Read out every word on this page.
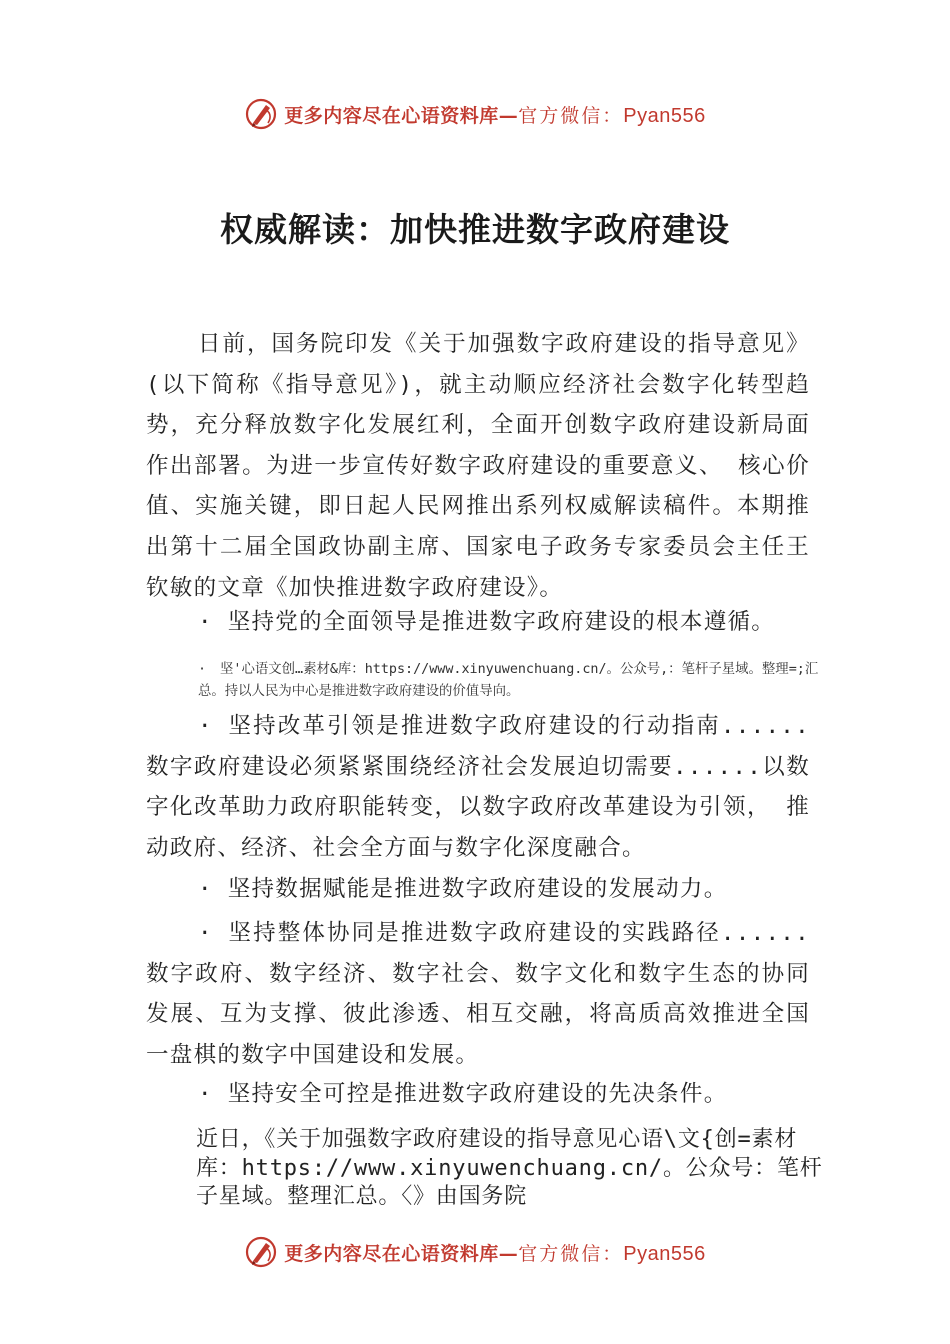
更多内容尽在心语资料库—官方微信：Pyan556
权威解读：加快推进数字政府建设

日前，国务院印发《关于加强数字政府建设的指导意见》(以下简称《指导意见》)，就主动顺应经济社会数字化转型趋势，充分释放数字化发展红利，全面开创数字政府建设新局面作出部署。为进一步宣传好数字政府建设的重要意义、 核心价值、实施关键，即日起人民网推出系列权威解读稿件。本期推出第十二届全国政协副主席、国家电子政务专家委员会主任王钦敏的文章《加快推进数字政府建设》。

· 坚持党的全面领导是推进数字政府建设的根本遵循。

· 坚'心语文创…素材&库：https://www.xinyuwenchuang.cn/。公众号,：笔杆子星域。整理=;汇总。持以人民为中心是推进数字政府建设的价值导向。

· 坚持改革引领是推进数字政府建设的行动指南......数字政府建设必须紧紧围绕经济社会发展迫切需要......以数字化改革助力政府职能转变，以数字政府改革建设为引领， 推动政府、经济、社会全方面与数字化深度融合。

· 坚持数据赋能是推进数字政府建设的发展动力。

· 坚持整体协同是推进数字政府建设的实践路径......数字政府、数字经济、数字社会、数字文化和数字生态的协同发展、互为支撑、彼此渗透、相互交融，将高质高效推进全国一盘棋的数字中国建设和发展。

· 坚持安全可控是推进数字政府建设的先决条件。

近日，《关于加强数字政府建设的指导意见心语\文{创=素材库：https://www.xinyuwenchuang.cn/。公众号：笔杆子星域。整理汇总。〈》由国务院

更多内容尽在心语资料库—官方微信：Pyan556
